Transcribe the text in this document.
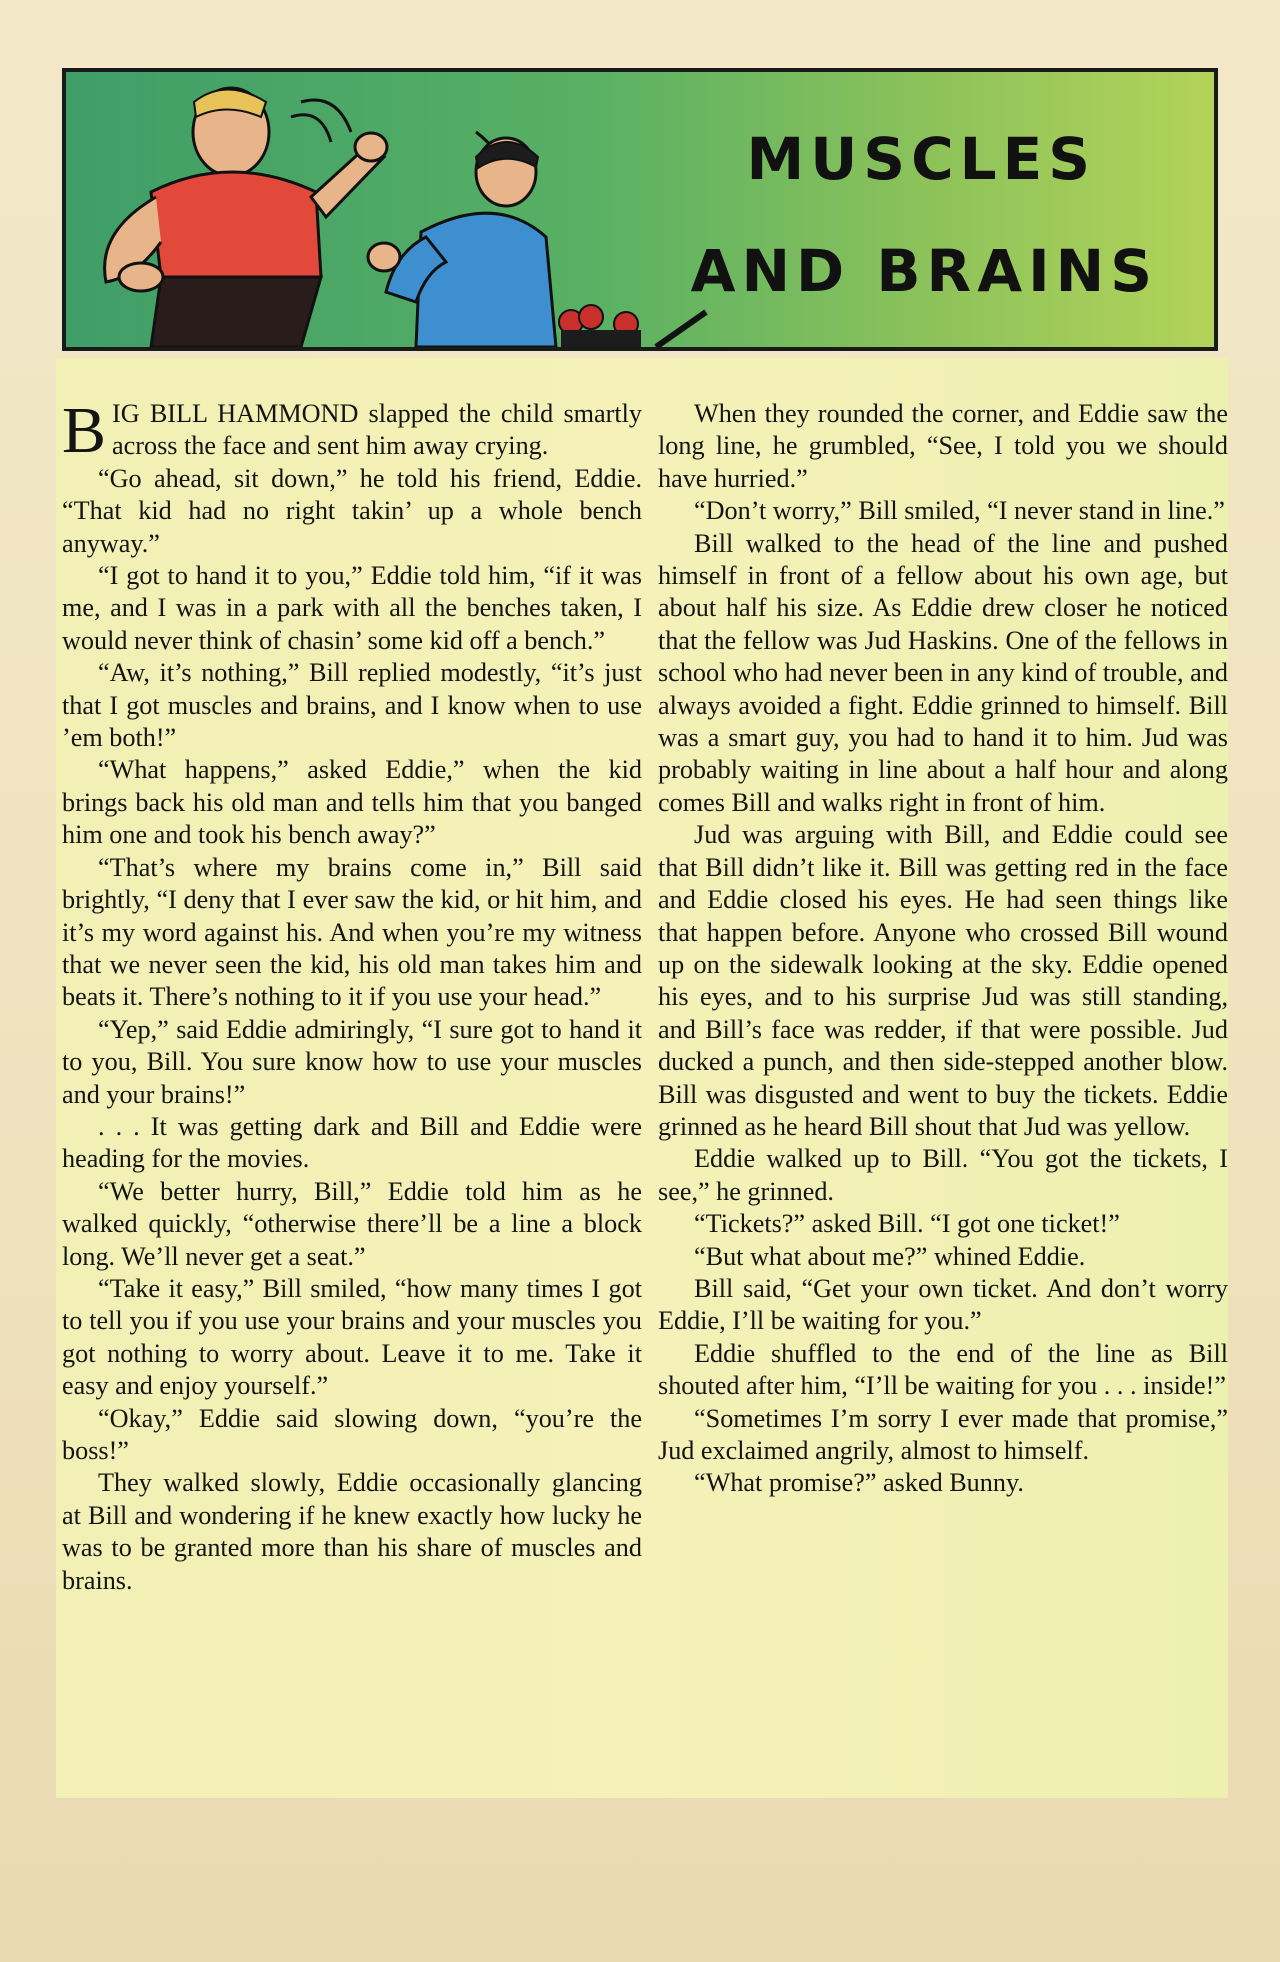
MUSCLES
AND BRAINS

BIG BILL HAMMOND slapped the child smartly across the face and sent him away crying.

“Go ahead, sit down,” he told his friend, Eddie. “That kid had no right takin’ up a whole bench anyway.”

“I got to hand it to you,” Eddie told him, “if it was me, and I was in a park with all the benches taken, I would never think of chasin’ some kid off a bench.”

“Aw, it’s nothing,” Bill replied modestly, “it’s just that I got muscles and brains, and I know when to use ’em both!”

“What happens,” asked Eddie,” when the kid brings back his old man and tells him that you banged him one and took his bench away?”

“That’s where my brains come in,” Bill said brightly, “I deny that I ever saw the kid, or hit him, and it’s my word against his. And when you’re my witness that we never seen the kid, his old man takes him and beats it. There’s nothing to it if you use your head.”

“Yep,” said Eddie admiringly, “I sure got to hand it to you, Bill. You sure know how to use your muscles and your brains!”

. . . It was getting dark and Bill and Eddie were heading for the movies.

“We better hurry, Bill,” Eddie told him as he walked quickly, “otherwise there’ll be a line a block long. We’ll never get a seat.”

“Take it easy,” Bill smiled, “how many times I got to tell you if you use your brains and your muscles you got nothing to worry about. Leave it to me. Take it easy and enjoy yourself.”

“Okay,” Eddie said slowing down, “you’re the boss!”

They walked slowly, Eddie occasionally glancing at Bill and wondering if he knew exactly how lucky he was to be granted more than his share of muscles and brains.

When they rounded the corner, and Eddie saw the long line, he grumbled, “See, I told you we should have hurried.”

“Don’t worry,” Bill smiled, “I never stand in line.”

Bill walked to the head of the line and pushed himself in front of a fellow about his own age, but about half his size. As Eddie drew closer he noticed that the fellow was Jud Haskins. One of the fellows in school who had never been in any kind of trouble, and always avoided a fight. Eddie grinned to himself. Bill was a smart guy, you had to hand it to him. Jud was probably waiting in line about a half hour and along comes Bill and walks right in front of him.

Jud was arguing with Bill, and Eddie could see that Bill didn’t like it. Bill was getting red in the face and Eddie closed his eyes. He had seen things like that happen before. Anyone who crossed Bill wound up on the sidewalk looking at the sky. Eddie opened his eyes, and to his surprise Jud was still standing, and Bill’s face was redder, if that were possible. Jud ducked a punch, and then side-stepped another blow. Bill was disgusted and went to buy the tickets. Eddie grinned as he heard Bill shout that Jud was yellow.

Eddie walked up to Bill. “You got the tickets, I see,” he grinned.

“Tickets?” asked Bill. “I got one ticket!”

“But what about me?” whined Eddie.

Bill said, “Get your own ticket. And don’t worry Eddie, I’ll be waiting for you.”

Eddie shuffled to the end of the line as Bill shouted after him, “I’ll be waiting for you . . . inside!”

“Sometimes I’m sorry I ever made that promise,” Jud exclaimed angrily, almost to himself.

“What promise?” asked Bunny.
